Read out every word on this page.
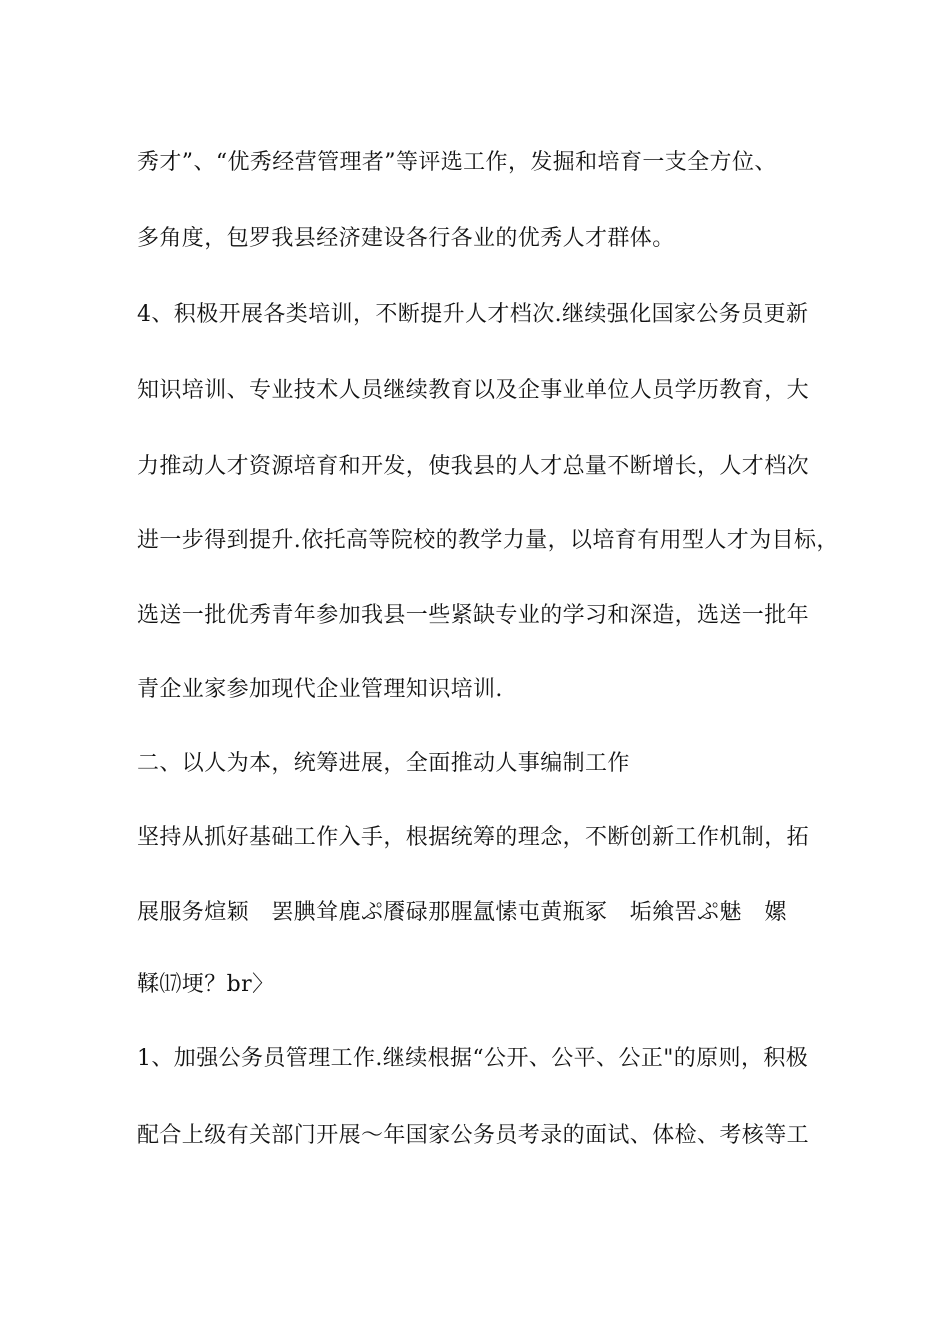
秀才”、“优秀经营管理者”等评选工作，发掘和培育一支全方位、
多角度，包罗我县经济建设各行各业的优秀人才群体。
4、积极开展各类培训，不断提升人才档次.继续强化国家公务员更新
知识培训、专业技术人员继续教育以及企事业单位人员学历教育，大
力推动人才资源培育和开发，使我县的人才总量不断增长，人才档次
进一步得到提升.依托高等院校的教学力量，以培育有用型人才为目标，
选送一批优秀青年参加我县一些紧缺专业的学习和深造，选送一批年
青企业家参加现代企业管理知识培训.
二、以人为本，统筹进展，全面推动人事编制工作
坚持从抓好基础工作入手，根据统筹的理念，不断创新工作机制，拓
展服务煊颖　罢腆耸鹿ぷ餍碌那腥氲愫屯黄瓶冢　垢飨罟ぷ魅　嫘
鞣⒄埂？br〉
1、加强公务员管理工作.继续根据“公开、公平、公正"的原则，积极
配合上级有关部门开展～年国家公务员考录的面试、体检、考核等工
